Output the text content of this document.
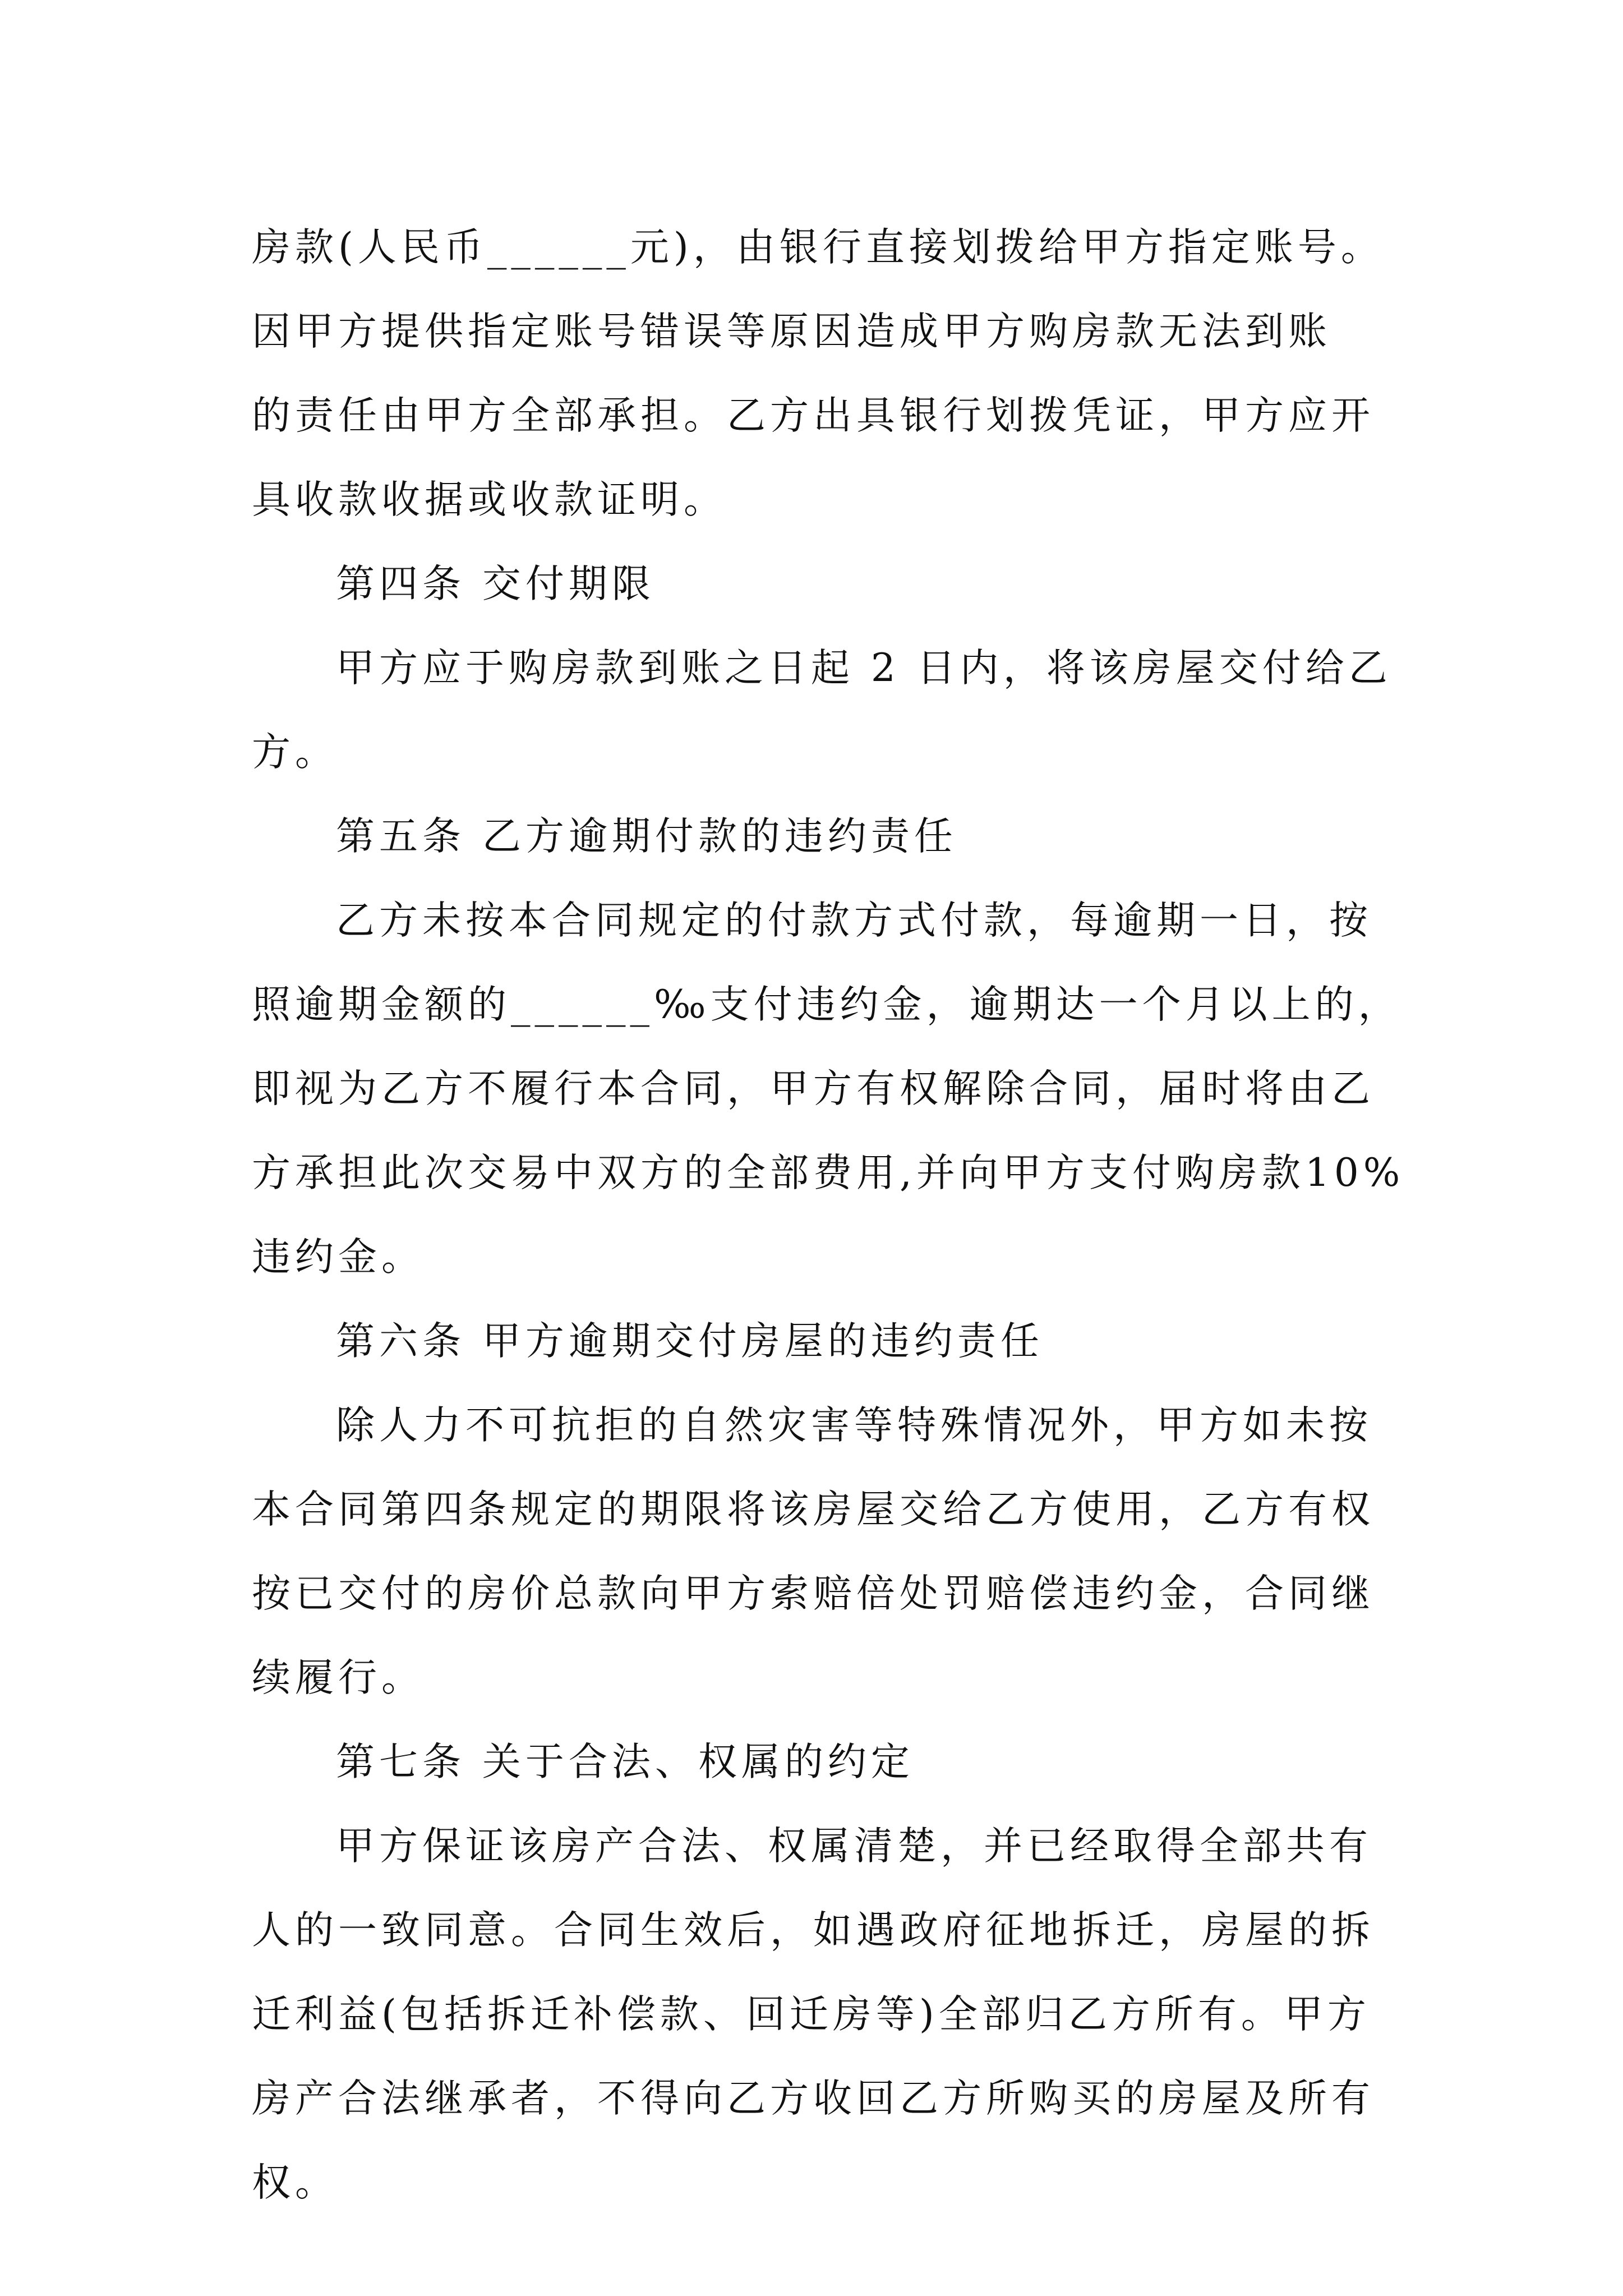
房款(人民币______元)，由银行直接划拨给甲方指定账号。
因甲方提供指定账号错误等原因造成甲方购房款无法到账
的责任由甲方全部承担。乙方出具银行划拨凭证，甲方应开
具收款收据或收款证明。
第四条 交付期限
甲方应于购房款到账之日起 2 日内，将该房屋交付给乙
方。
第五条 乙方逾期付款的违约责任
乙方未按本合同规定的付款方式付款，每逾期一日，按
照逾期金额的______‰支付违约金，逾期达一个月以上的，
即视为乙方不履行本合同，甲方有权解除合同，届时将由乙
方承担此次交易中双方的全部费用,并向甲方支付购房款10%
违约金。
第六条 甲方逾期交付房屋的违约责任
除人力不可抗拒的自然灾害等特殊情况外，甲方如未按
本合同第四条规定的期限将该房屋交给乙方使用，乙方有权
按已交付的房价总款向甲方索赔倍处罚赔偿违约金，合同继
续履行。
第七条 关于合法、权属的约定
甲方保证该房产合法、权属清楚，并已经取得全部共有
人的一致同意。合同生效后，如遇政府征地拆迁，房屋的拆
迁利益(包括拆迁补偿款、回迁房等)全部归乙方所有。甲方
房产合法继承者，不得向乙方收回乙方所购买的房屋及所有
权。
